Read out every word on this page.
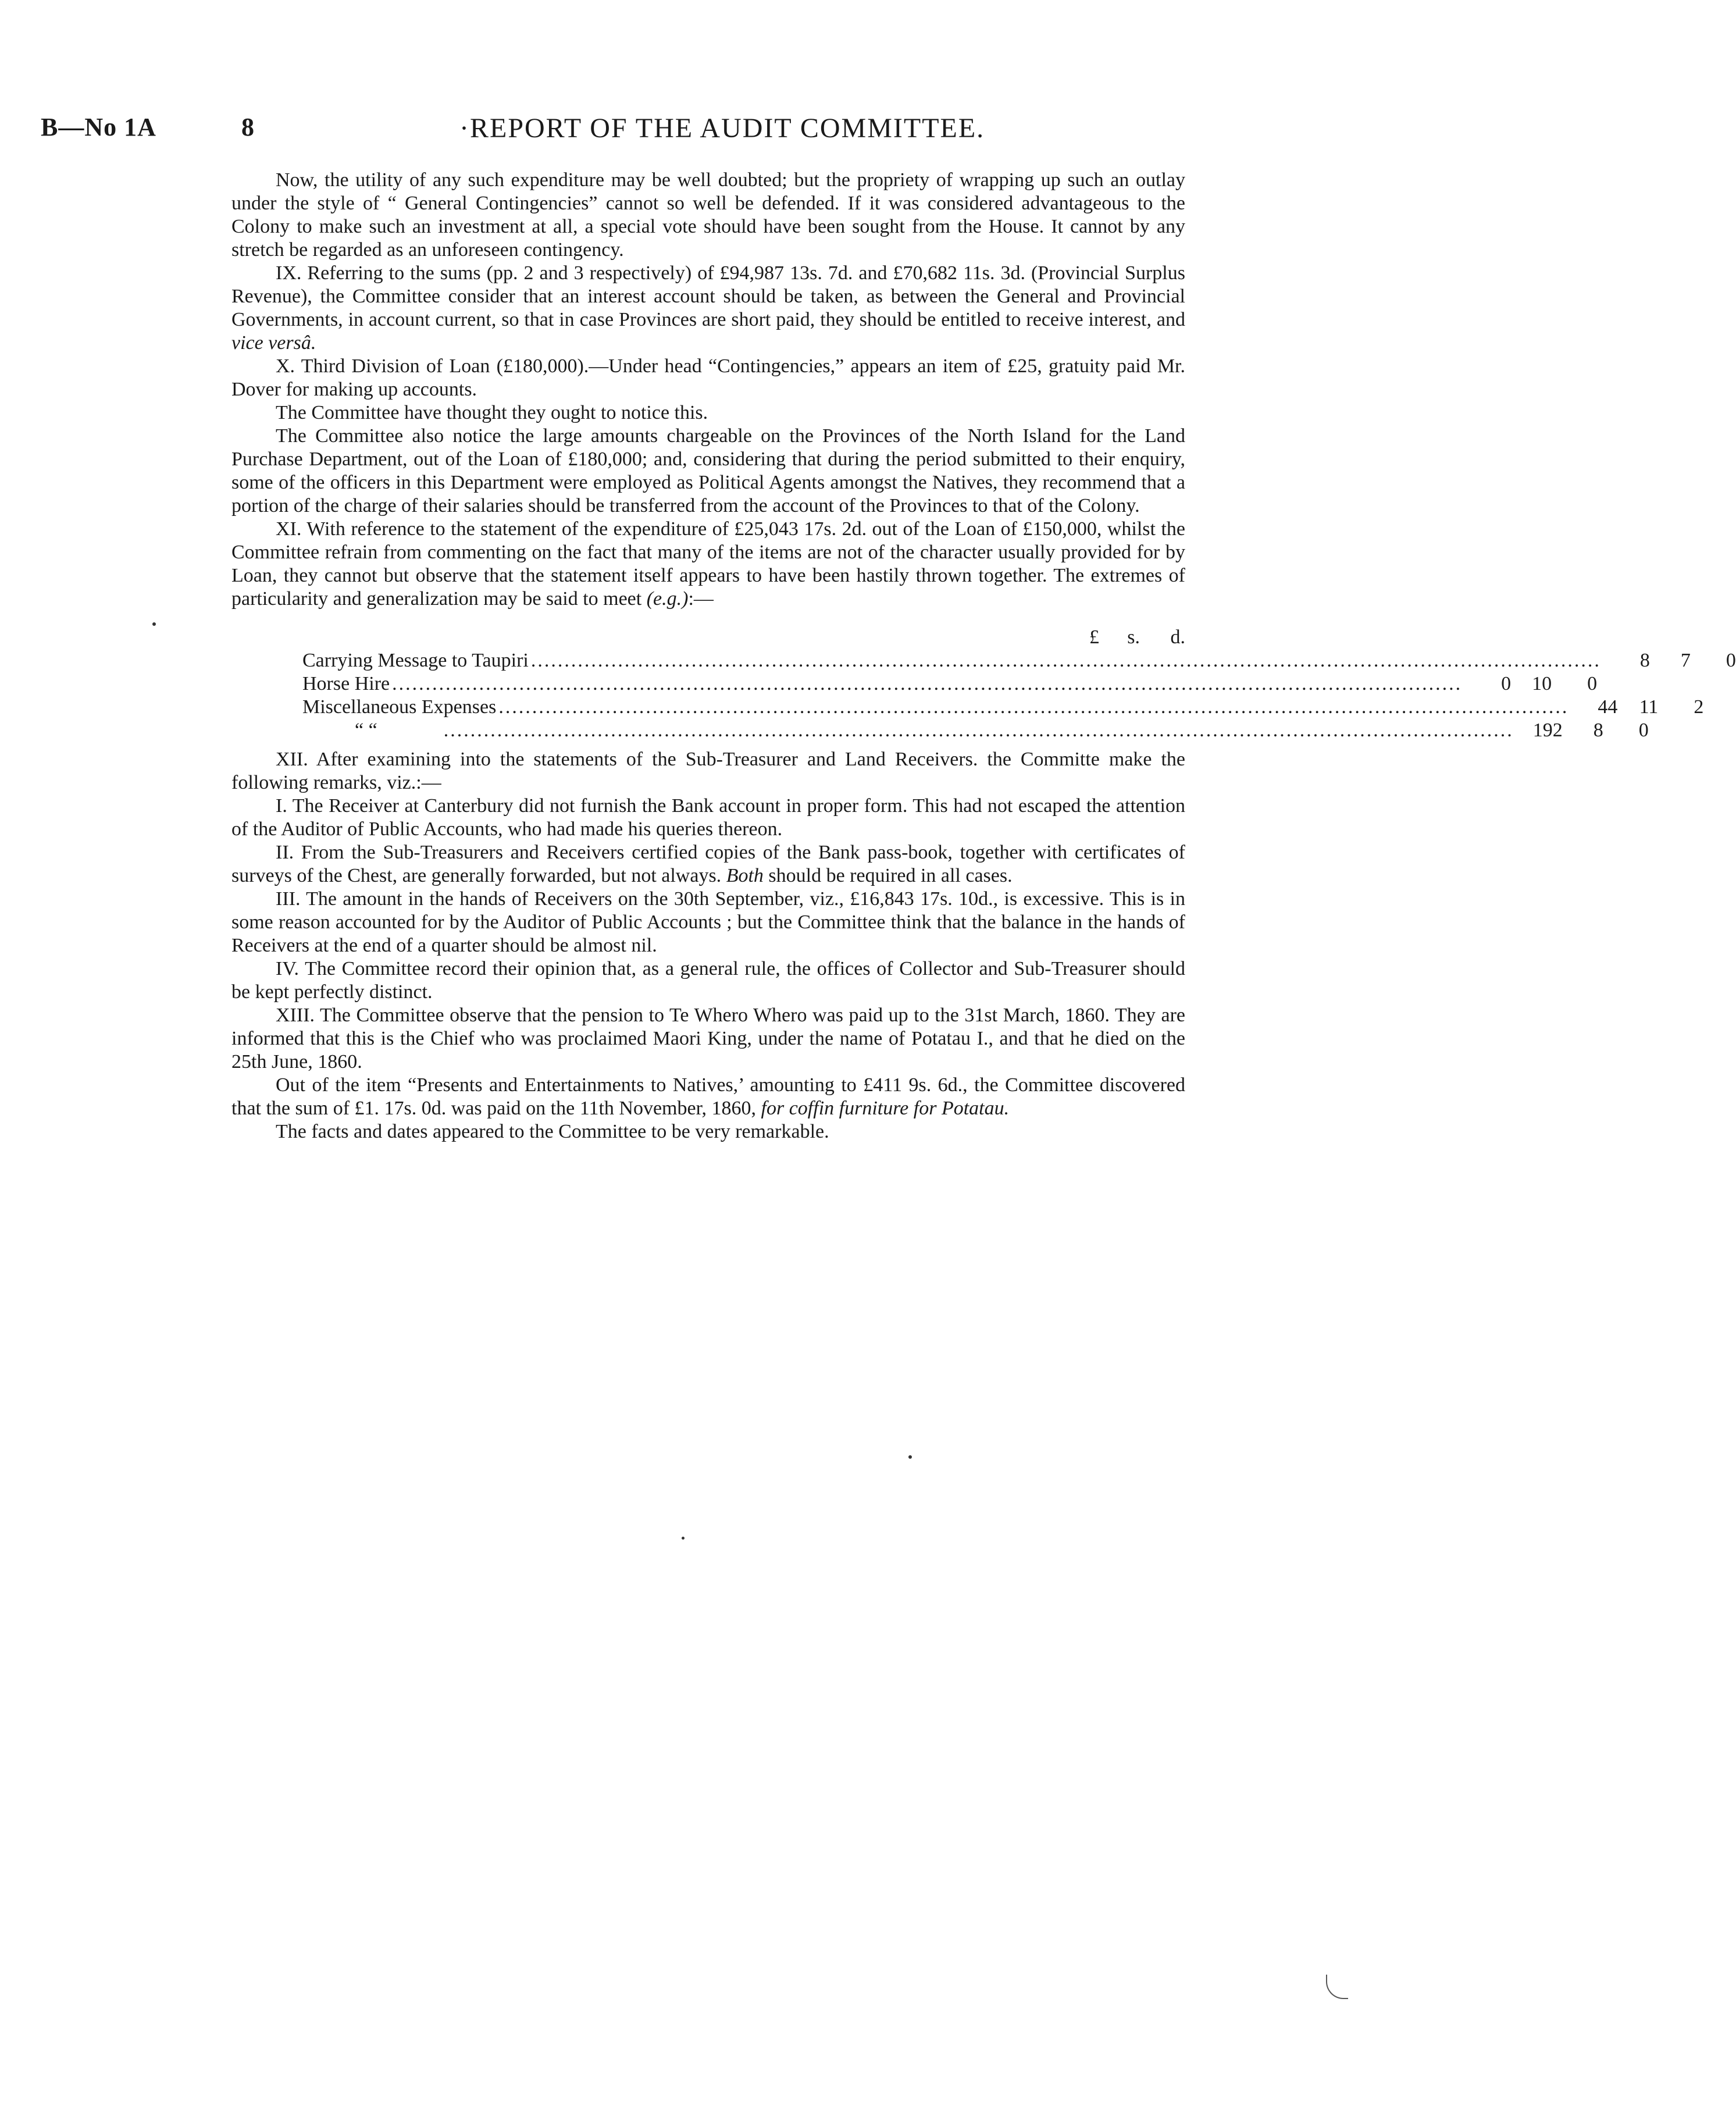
B—No 1A	8	·REPORT OF THE AUDIT COMMITTEE.

Now, the utility of any such expenditure may be well doubted; but the propriety of wrapping up such an outlay under the style of “ General Contingencies” cannot so well be defended. If it was considered advantageous to the Colony to make such an investment at all, a special vote should have been sought from the House. It cannot by any stretch be regarded as an unforeseen contingency.

IX. Referring to the sums (pp. 2 and 3 respectively) of £94,987 13s. 7d. and £70,682 11s. 3d. (Provincial Surplus Revenue), the Committee consider that an interest account should be taken, as between the General and Provincial Governments, in account current, so that in case Provinces are short paid, they should be entitled to receive interest, and vice versâ.

X. Third Division of Loan (£180,000).—Under head “Contingencies,” appears an item of £25, gratuity paid Mr. Dover for making up accounts.

The Committee have thought they ought to notice this.

The Committee also notice the large amounts chargeable on the Provinces of the North Island for the Land Purchase Department, out of the Loan of £180,000; and, considering that during the period submitted to their enquiry, some of the officers in this Department were employed as Political Agents amongst the Natives, they recommend that a portion of the charge of their salaries should be transferred from the account of the Provinces to that of the Colony.

XI. With reference to the statement of the expenditure of £25,043 17s. 2d. out of the Loan of £150,000, whilst the Committee refrain from commenting on the fact that many of the items are not of the character usually provided for by Loan, they cannot but observe that the statement itself appears to have been hastily thrown together. The extremes of particularity and generalization may be said to meet (e.g.):—

£	s.	d.
Carrying Message to Taupiri ................................................................................................................................................................	8	7	0
Horse Hire ................................................................................................................................................................	0	10	0
Miscellaneous Expenses ................................................................................................................................................................	44	11	2
“ “	................................................................................................................................................................ 192	8	0

XII. After examining into the statements of the Sub-Treasurer and Land Receivers. the Committe make the following remarks, viz.:—

I. The Receiver at Canterbury did not furnish the Bank account in proper form. This had not escaped the attention of the Auditor of Public Accounts, who had made his queries thereon.

II. From the Sub-Treasurers and Receivers certified copies of the Bank pass-book, together with certificates of surveys of the Chest, are generally forwarded, but not always. Both should be required in all cases.

III. The amount in the hands of Receivers on the 30th September, viz., £16,843 17s. 10d., is excessive. This is in some reason accounted for by the Auditor of Public Accounts ; but the Committee think that the balance in the hands of Receivers at the end of a quarter should be almost nil.

IV. The Committee record their opinion that, as a general rule, the offices of Collector and Sub-Treasurer should be kept perfectly distinct.

XIII. The Committee observe that the pension to Te Whero Whero was paid up to the 31st March, 1860. They are informed that this is the Chief who was proclaimed Maori King, under the name of Potatau I., and that he died on the 25th June, 1860.

Out of the item “Presents and Entertainments to Natives,’ amounting to £411 9s. 6d., the Committee discovered that the sum of £1. 17s. 0d. was paid on the 11th November, 1860, for coffin furniture for Potatau.

The facts and dates appeared to the Committee to be very remarkable.
